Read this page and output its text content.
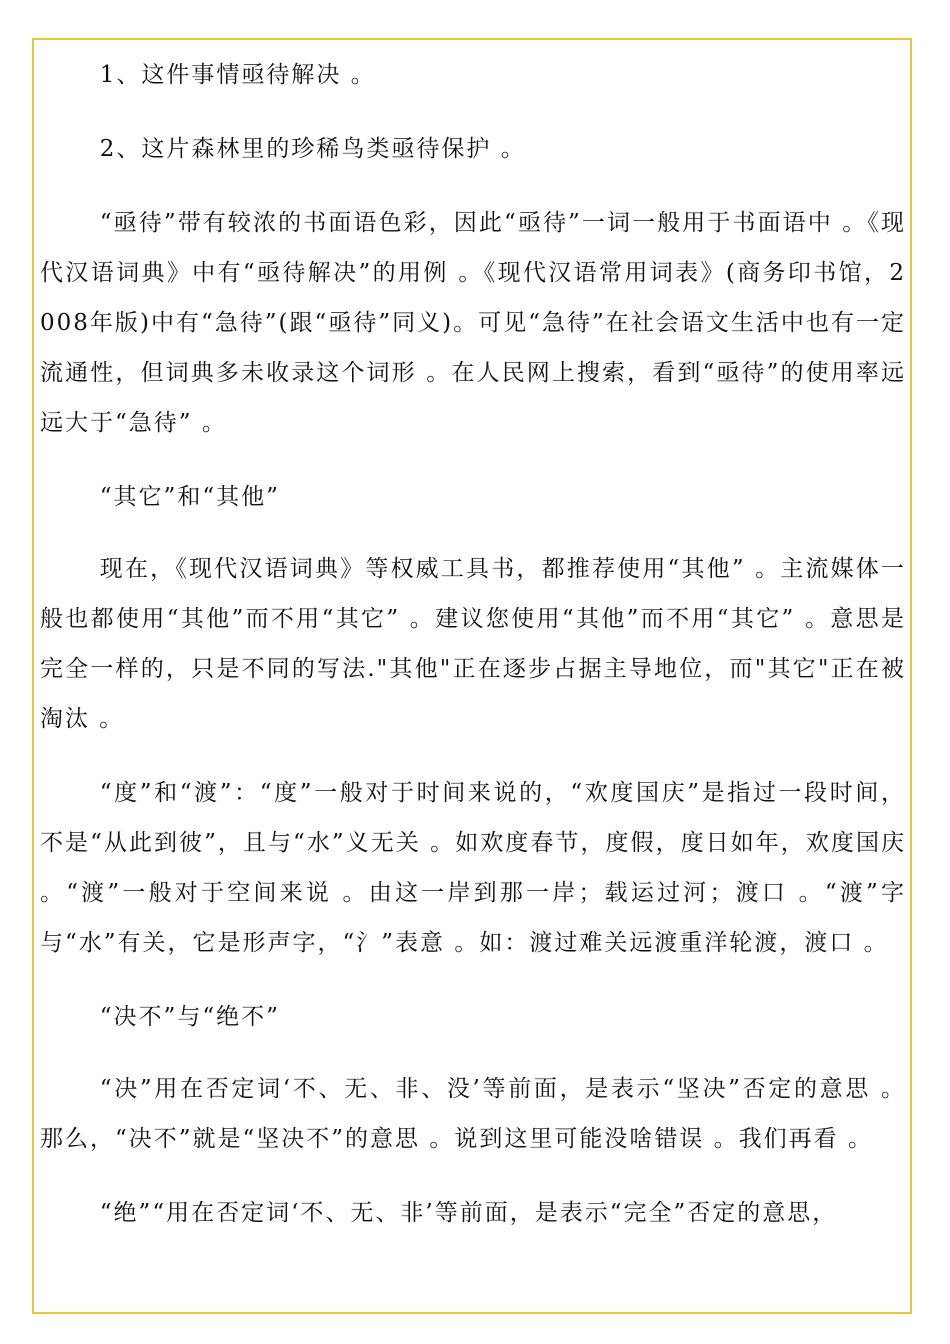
1、这件事情亟待解决 。

2、这片森林里的珍稀鸟类亟待保护 。

“亟待”带有较浓的书面语色彩，因此“亟待”一词一般用于书面语中 。《现代汉语词典》中有“亟待解决”的用例 。《现代汉语常用词表》(商务印书馆，2008年版)中有“急待”(跟“亟待”同义)。可见“急待”在社会语文生活中也有一定流通性，但词典多未收录这个词形 。在人民网上搜索，看到“亟待”的使用率远远大于“急待” 。

“其它”和“其他”

现在，《现代汉语词典》等权威工具书，都推荐使用“其他” 。主流媒体一般也都使用“其他”而不用“其它” 。建议您使用“其他”而不用“其它” 。意思是完全一样的，只是不同的写法."其他"正在逐步占据主导地位，而"其它"正在被淘汰 。

“度”和“渡”：“度”一般对于时间来说的，“欢度国庆”是指过一段时间，不是“从此到彼”，且与“水”义无关 。如欢度春节，度假，度日如年，欢度国庆 。“渡”一般对于空间来说 。由这一岸到那一岸；载运过河；渡口 。“渡”字与“水”有关，它是形声字，“氵”表意 。如：渡过难关远渡重洋轮渡，渡口 。

“决不”与“绝不”

“决”用在否定词‘不、无、非、没’等前面，是表示“坚决”否定的意思 。那么，“决不”就是“坚决不”的意思 。说到这里可能没啥错误 。我们再看 。

“绝”“用在否定词‘不、无、非’等前面，是表示“完全”否定的意思，
